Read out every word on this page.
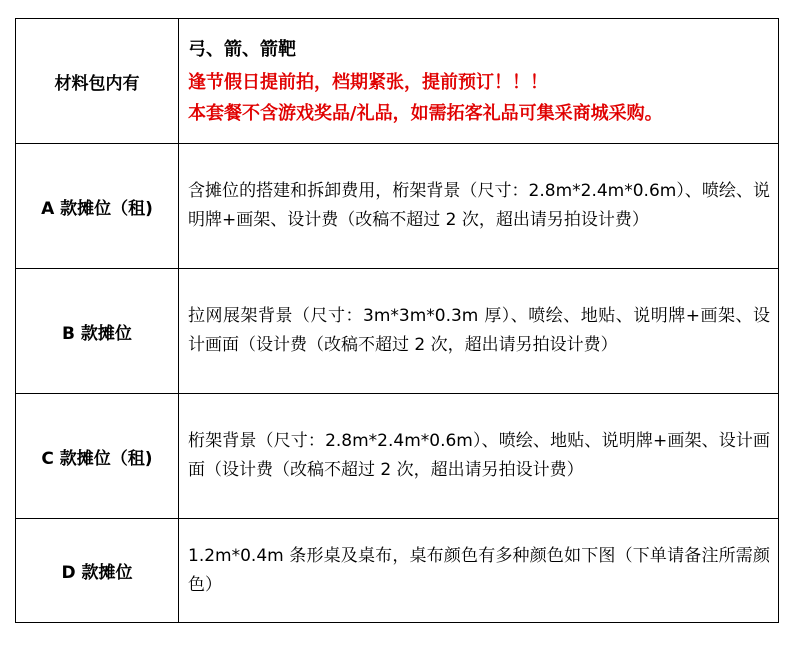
材料包内有	弓、箭、箭靶
逢节假日提前拍，档期紧张，提前预订！！！
本套餐不含游戏奖品/礼品，如需拓客礼品可集采商城采购。

A 款摊位（租)	含摊位的搭建和拆卸费用，桁架背景（尺寸：2.8m*2.4m*0.6m）、喷绘、说明牌+画架、设计费（改稿不超过 2 次，超出请另拍设计费）
B 款摊位	拉网展架背景（尺寸：3m*3m*0.3m 厚）、喷绘、地贴、说明牌+画架、设计画面（设计费（改稿不超过 2 次，超出请另拍设计费）
C 款摊位（租)	桁架背景（尺寸：2.8m*2.4m*0.6m）、喷绘、地贴、说明牌+画架、设计画面（设计费（改稿不超过 2 次，超出请另拍设计费）
D 款摊位	1.2m*0.4m 条形桌及桌布，桌布颜色有多种颜色如下图（下单请备注所需颜色）
